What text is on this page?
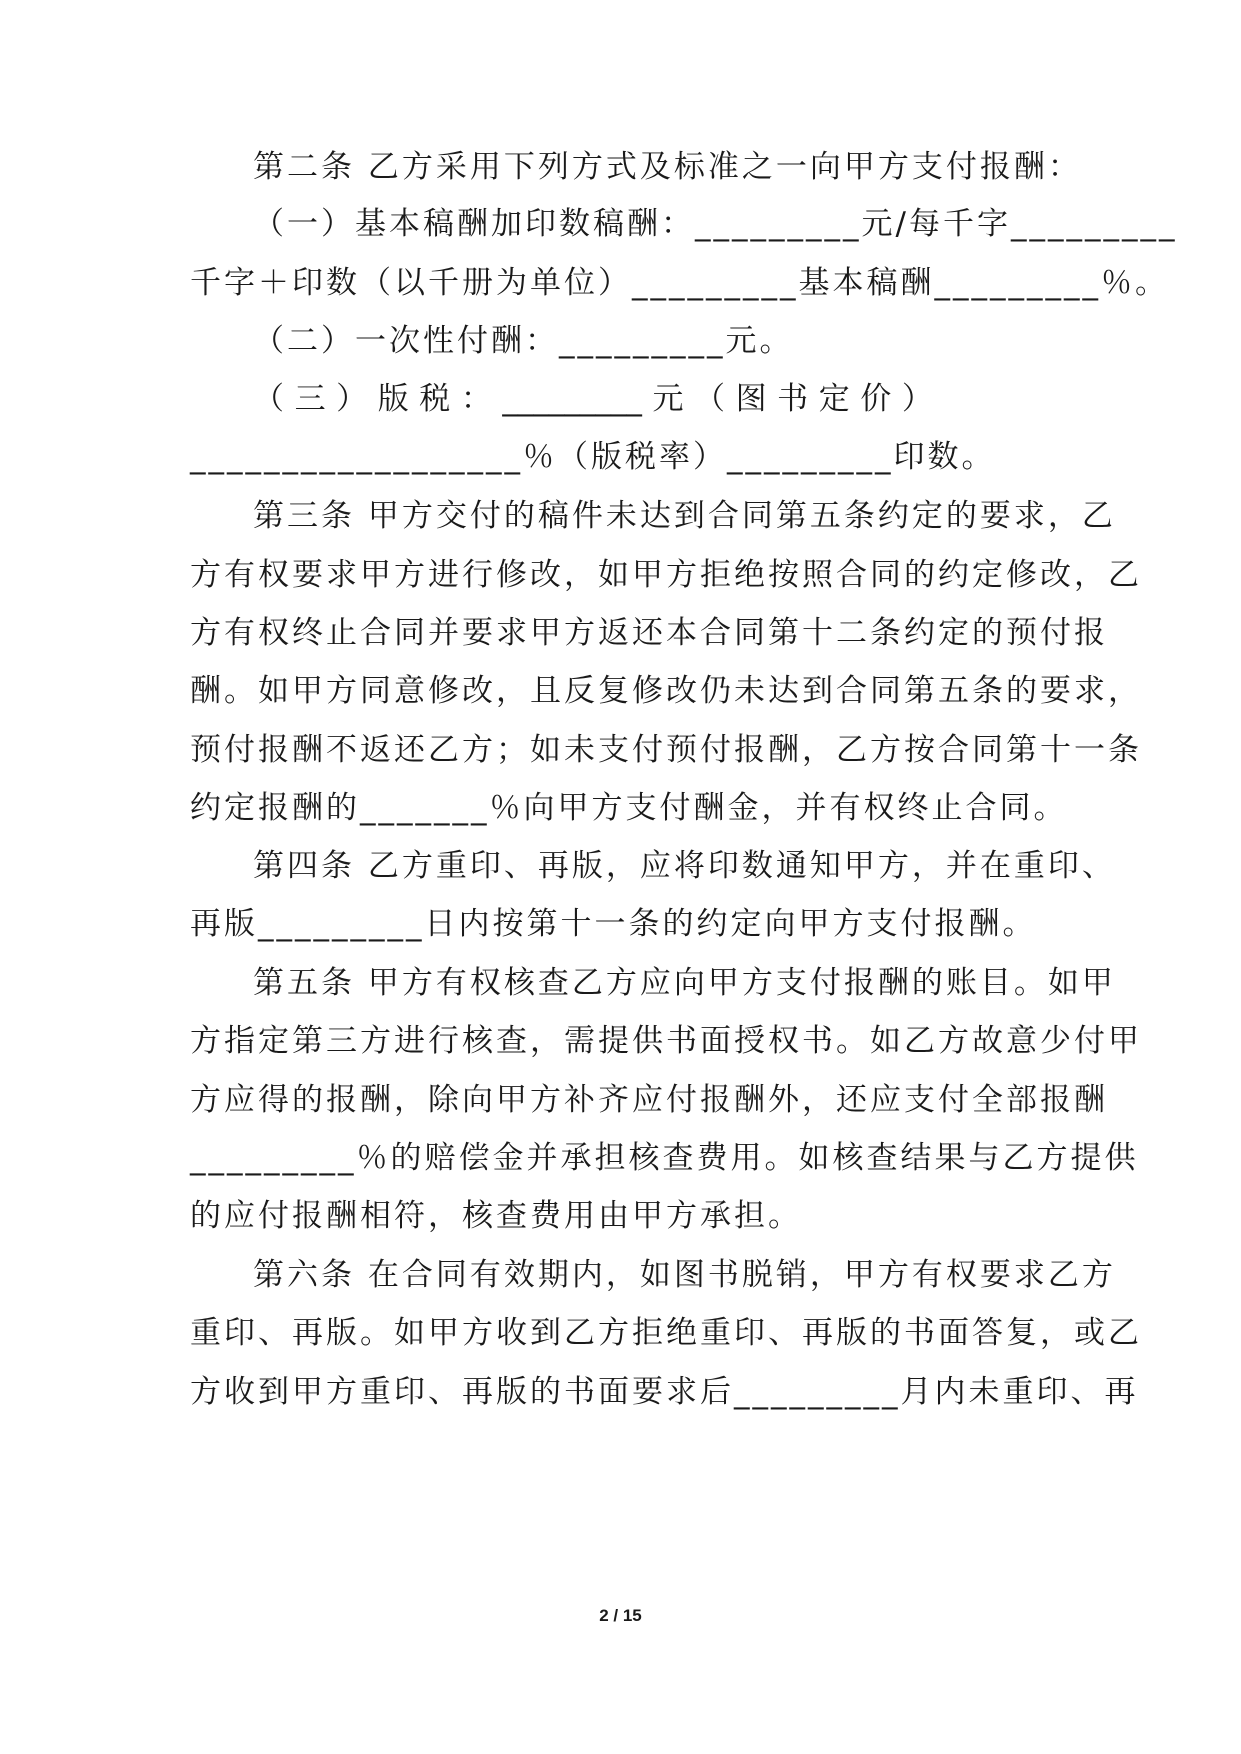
第二条 乙方采用下列方式及标准之一向甲方支付报酬：
（一）基本稿酬加印数稿酬：_________元/每千字_________
千字＋印数（以千册为单位）_________基本稿酬_________％。
（二）一次性付酬：_________元。
（ 三 ） 版 税 ： _________ 元 （ 图 书 定 价 ）
__________________％（版税率）_________印数。
第三条 甲方交付的稿件未达到合同第五条约定的要求，乙
方有权要求甲方进行修改，如甲方拒绝按照合同的约定修改，乙
方有权终止合同并要求甲方返还本合同第十二条约定的预付报
酬。如甲方同意修改，且反复修改仍未达到合同第五条的要求，
预付报酬不返还乙方；如未支付预付报酬，乙方按合同第十一条
约定报酬的_______％向甲方支付酬金，并有权终止合同。
第四条 乙方重印、再版，应将印数通知甲方，并在重印、
再版_________日内按第十一条的约定向甲方支付报酬。
第五条 甲方有权核查乙方应向甲方支付报酬的账目。如甲
方指定第三方进行核查，需提供书面授权书。如乙方故意少付甲
方应得的报酬，除向甲方补齐应付报酬外，还应支付全部报酬
_________％的赔偿金并承担核查费用。如核查结果与乙方提供
的应付报酬相符，核查费用由甲方承担。
第六条 在合同有效期内，如图书脱销，甲方有权要求乙方
重印、再版。如甲方收到乙方拒绝重印、再版的书面答复，或乙
方收到甲方重印、再版的书面要求后_________月内未重印、再
2 / 15
